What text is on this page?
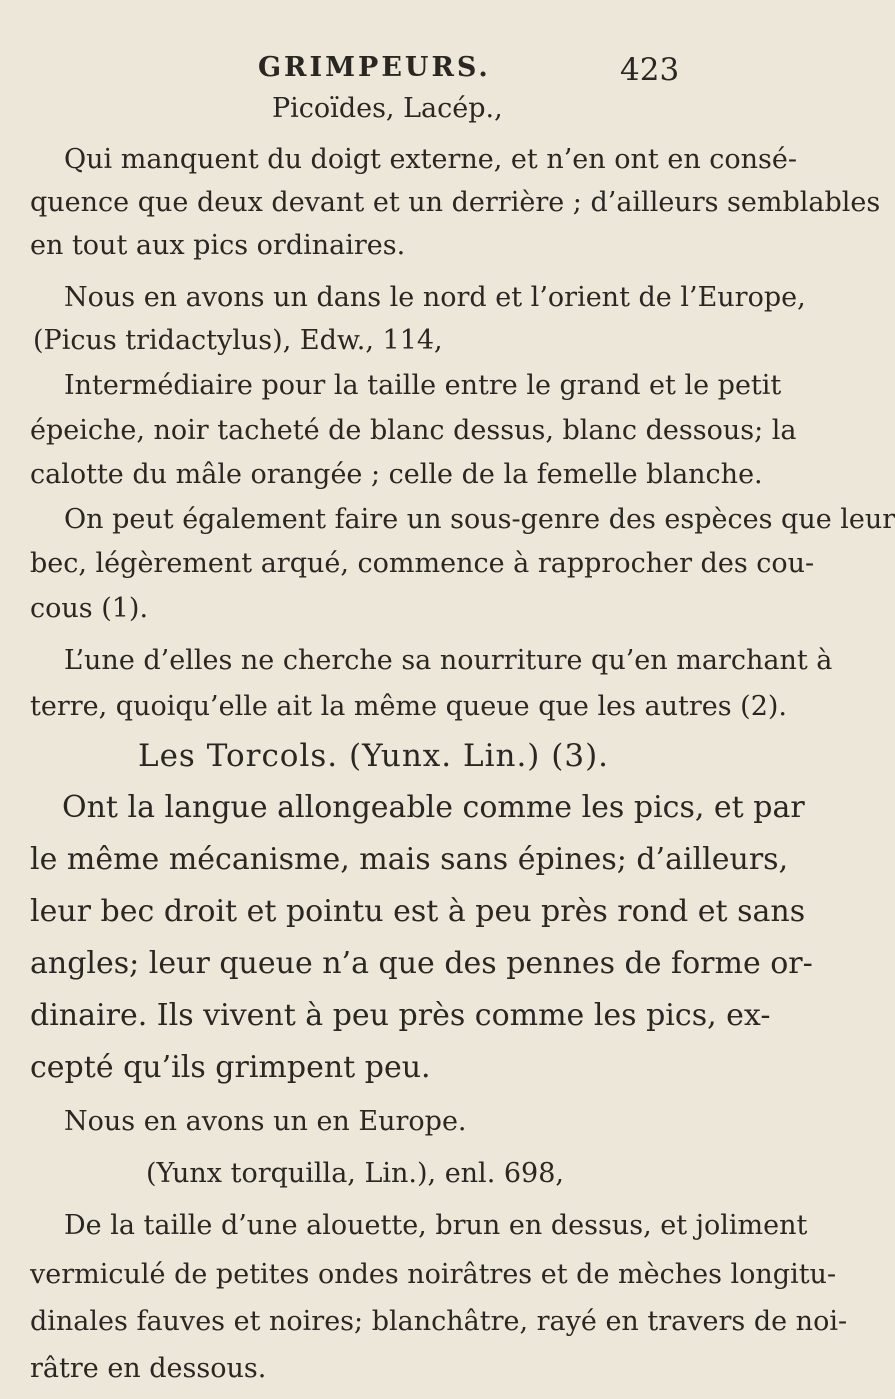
GRIMPEURS.	423
Picoïdes, Lacép.,
Qui manquent du doigt externe, et n’en ont en consé-
quence que deux devant et un derrière ; d’ailleurs semblables
en tout aux pics ordinaires.
Nous en avons un dans le nord et l’orient de l’Europe,
(Picus tridactylus), Edw., 114,
Intermédiaire pour la taille entre le grand et le petit
épeiche, noir tacheté de blanc dessus, blanc dessous; la
calotte du mâle orangée ; celle de la femelle blanche.
On peut également faire un sous-genre des espèces que leur
bec, légèrement arqué, commence à rapprocher des cou-
cous (1).
L’une d’elles ne cherche sa nourriture qu’en marchant à
terre, quoiqu’elle ait la même queue que les autres (2).
Les Torcols. (Yunx. Lin.) (3).
Ont la langue allongeable comme les pics, et par
le même mécanisme, mais sans épines; d’ailleurs,
leur bec droit et pointu est à peu près rond et sans
angles; leur queue n’a que des pennes de forme or-
dinaire. Ils vivent à peu près comme les pics, ex-
cepté qu’ils grimpent peu.
Nous en avons un en Europe.
(Yunx torquilla, Lin.), enl. 698,
De la taille d’une alouette, brun en dessus, et joliment
vermiculé de petites ondes noirâtres et de mèches longitu-
dinales fauves et noires; blanchâtre, rayé en travers de noi-
râtre en dessous.
